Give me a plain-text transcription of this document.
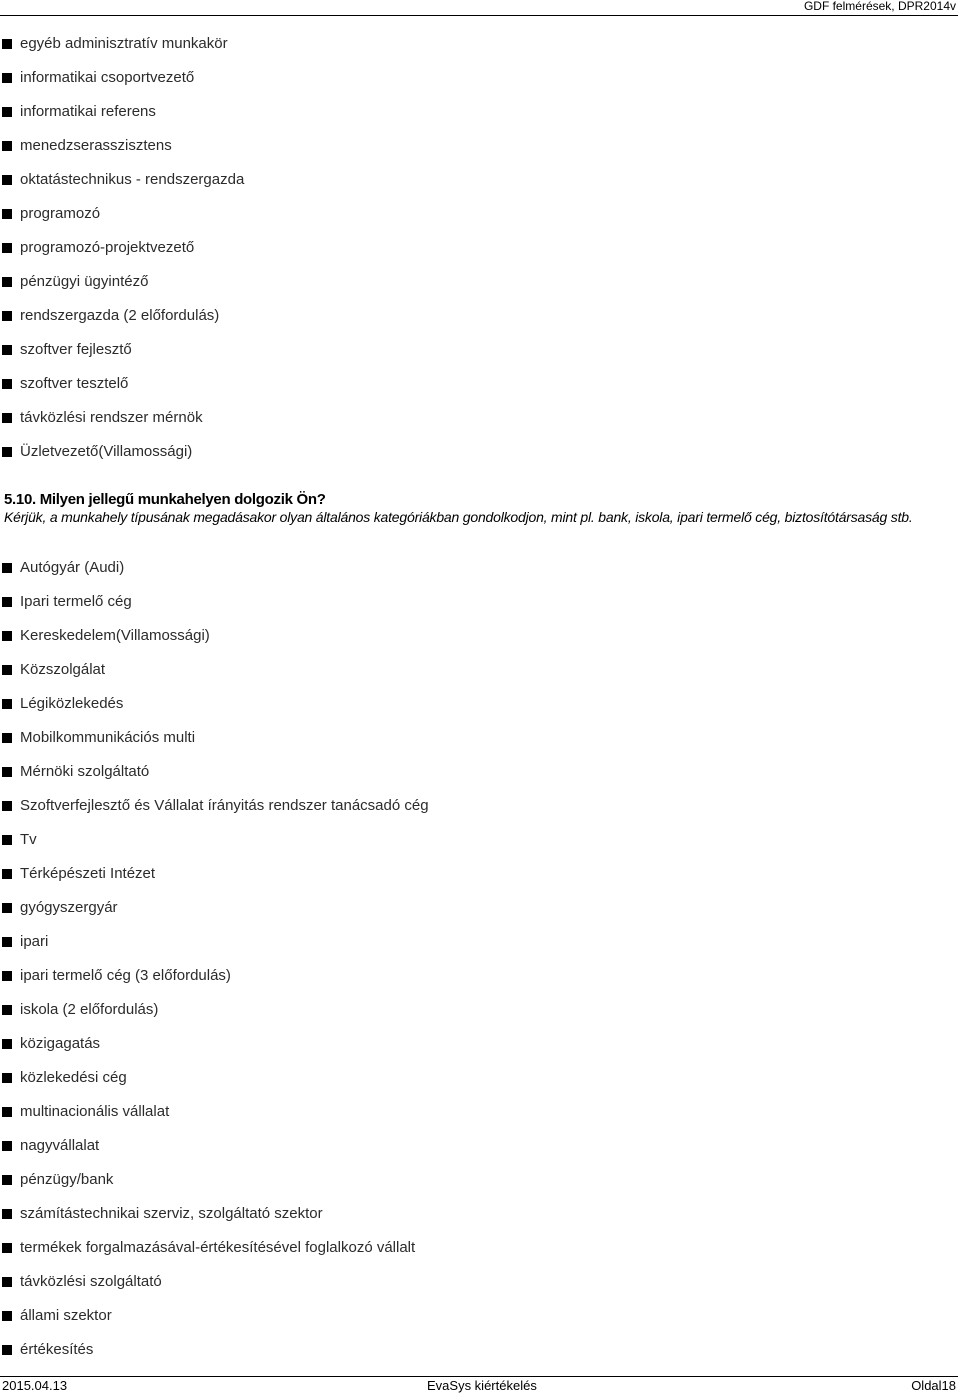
GDF felmérések, DPR2014v
egyéb adminisztratív munkakör
informatikai csoportvezető
informatikai referens
menedzserasszisztens
oktatástechnikus - rendszergazda
programozó
programozó-projektvezető
pénzügyi ügyintéző
rendszergazda (2 előfordulás)
szoftver fejlesztő
szoftver tesztelő
távközlési rendszer mérnök
Üzletvezető(Villamossági)
5.10. Milyen jellegű munkahelyen dolgozik Ön?
Kérjük, a munkahely típusának megadásakor olyan általános kategóriákban gondolkodjon, mint pl. bank, iskola, ipari termelő cég, biztosítótársaság stb.
Autógyár (Audi)
Ipari termelő cég
Kereskedelem(Villamossági)
Közszolgálat
Légiközlekedés
Mobilkommunikációs multi
Mérnöki szolgáltató
Szoftverfejlesztő és Vállalat írányitás rendszer tanácsadó cég
Tv
Térképészeti Intézet
gyógyszergyár
ipari
ipari termelő cég (3 előfordulás)
iskola (2 előfordulás)
közigagatás
közlekedési cég
multinacionális vállalat
nagyvállalat
pénzügy/bank
számítástechnikai szerviz, szolgáltató szektor
termékek forgalmazásával-értékesítésével foglalkozó vállalt
távközlési szolgáltató
állami szektor
értékesítés
2015.04.13	EvaSys kiértékelés	Oldal18
